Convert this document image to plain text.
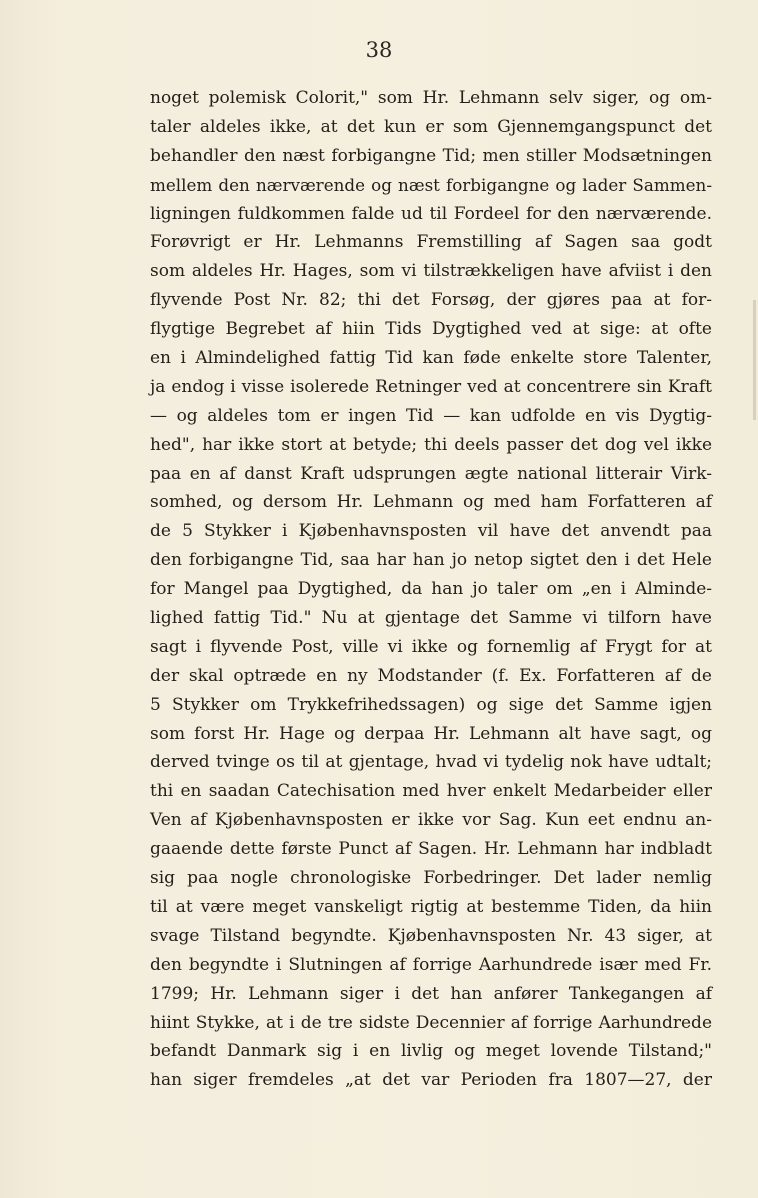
38
noget polemisk Colorit," som Hr. Lehmann selv siger, og om-
taler aldeles ikke, at det kun er som Gjennemgangspunct det
behandler den næst forbigangne Tid; men stiller Modsætningen
mellem den nærværende og næst forbigangne og lader Sammen-
ligningen fuldkommen falde ud til Fordeel for den nærværende.
Forøvrigt er Hr. Lehmanns Fremstilling af Sagen saa godt
som aldeles Hr. Hages, som vi tilstrækkeligen have afviist i den
flyvende Post Nr. 82; thi det Forsøg, der gjøres paa at for-
flygtige Begrebet af hiin Tids Dygtighed ved at sige: at ofte
en i Almindelighed fattig Tid kan føde enkelte store Talenter,
ja endog i visse isolerede Retninger ved at concentrere sin Kraft
— og aldeles tom er ingen Tid — kan udfolde en vis Dygtig-
hed", har ikke stort at betyde; thi deels passer det dog vel ikke
paa en af danst Kraft udsprungen ægte national litterair Virk-
somhed, og dersom Hr. Lehmann og med ham Forfatteren af
de 5 Stykker i Kjøbenhavnsposten vil have det anvendt paa
den forbigangne Tid, saa har han jo netop sigtet den i det Hele
for Mangel paa Dygtighed, da han jo taler om „en i Almindе-
lighed fattig Tid." Nu at gjentage det Samme vi tilforn have
sagt i flyvende Post, ville vi ikke og fornemlig af Frygt for at
der skal optræde en ny Modstander (f. Ex. Forfatteren af de
5 Stykker om Trykkefrihedssagen) og sige det Samme igjen
som forst Hr. Hage og derpaa Hr. Lehmann alt have sagt, og
derved tvinge os til at gjentage, hvad vi tydelig nok have udtalt;
thi en saadan Catechisation med hver enkelt Medarbeider eller
Ven af Kjøbenhavnsposten er ikke vor Sag. Kun eet endnu an-
gaaende dette første Punct af Sagen. Hr. Lehmann har indbladt
sig paa nogle chronologiske Forbedringer. Det lader nemlig
til at være meget vanskeligt rigtig at bestemme Tiden, da hiin
svage Tilstand begyndte. Kjøbenhavnsposten Nr. 43 siger, at
den begyndte i Slutningen af forrige Aarhundrede især med Fr.
1799; Hr. Lehmann siger i det han anfører Tankegangen af
hiint Stykke, at i de tre sidste Decennier af forrige Aarhundrede
befandt Danmark sig i en livlig og meget lovende Tilstand;"
han siger fremdeles „at det var Perioden fra 1807—27, der
